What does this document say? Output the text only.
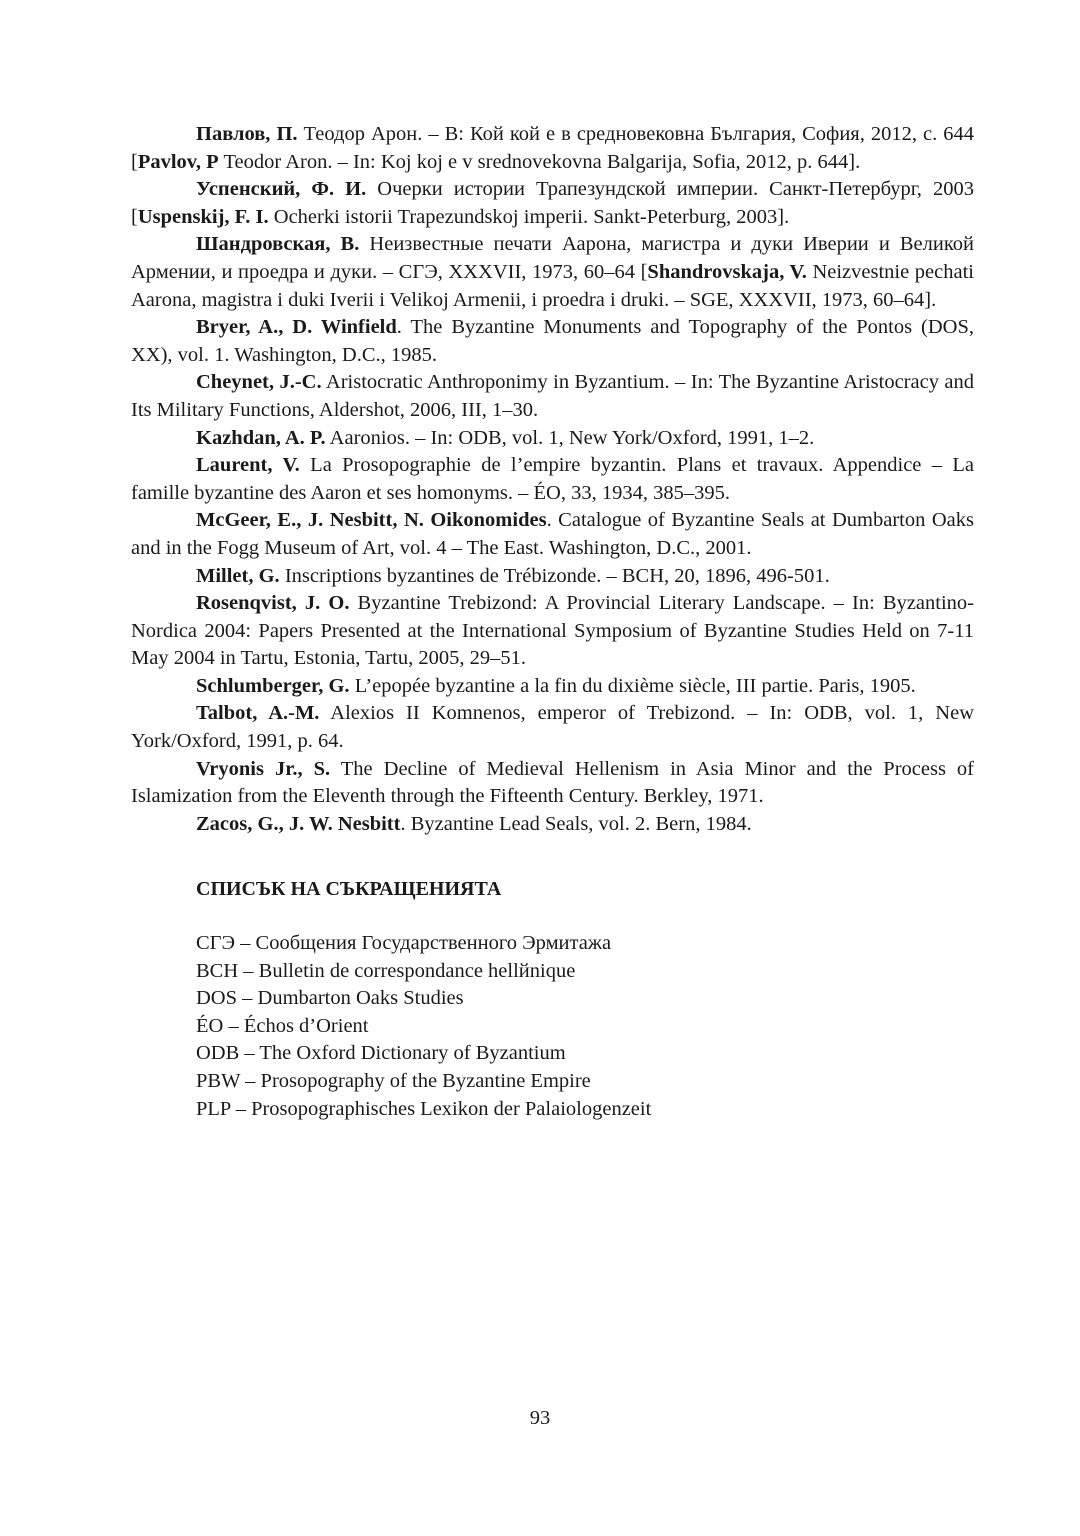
Павлов, П. Теодор Арон. – В: Кой кой е в средновековна България, София, 2012, с. 644 [Pavlov, P Teodor Aron. – In: Koj koj e v srednovekovna Balgarija, Sofia, 2012, p. 644].

Успенский, Ф. И. Очерки истории Трапезундской империи. Санкт-Петербург, 2003 [Uspenskij, F. I. Ocherki istorii Trapezundskoj imperii. Sankt-Peterburg, 2003].

Шандровская, В. Неизвестные печати Аарона, магистра и дуки Иверии и Великой Армении, и проедра и дуки. – СГЭ, XXXVII, 1973, 60–64 [Shandrovskaja, V. Neizvestnie pechati Aarona, magistra i duki Iverii i Velikoj Armenii, i proedra i druki. – SGE, XXXVII, 1973, 60–64].

Bryer, A., D. Winfield. The Byzantine Monuments and Topography of the Pontos (DOS, XX), vol. 1. Washington, D.C., 1985.

Cheynet, J.-C. Aristocratic Anthroponimy in Byzantium. – In: The Byzantine Aristocracy and Its Military Functions, Aldershot, 2006, III, 1–30.

Kazhdan, A. P. Aaronios. – In: ODB, vol. 1, New York/Oxford, 1991, 1–2.

Laurent, V. La Prosopographie de l’empire byzantin. Plans et travaux. Appendice – La famille byzantine des Aaron et ses homonyms. – ÉO, 33, 1934, 385–395.

McGeer, E., J. Nesbitt, N. Oikonomides. Catalogue of Byzantine Seals at Dumbarton Oaks and in the Fogg Museum of Art, vol. 4 – The East. Washington, D.C., 2001.

Millet, G. Inscriptions byzantines de Trébizonde. – BCH, 20, 1896, 496-501.

Rosenqvist, J. O. Byzantine Trebizond: A Provincial Literary Landscape. – In: Byzantino-Nordica 2004: Papers Presented at the International Symposium of Byzantine Studies Held on 7-11 May 2004 in Tartu, Estonia, Tartu, 2005, 29–51.

Schlumberger, G. L’epopée byzantine a la fin du dixième siècle, III partie. Paris, 1905.

Talbot, A.-M. Alexios II Komnenos, emperor of Trebizond. – In: ODB, vol. 1, New York/Oxford, 1991, p. 64.

Vryonis Jr., S. The Decline of Medieval Hellenism in Asia Minor and the Process of Islamization from the Eleventh through the Fifteenth Century. Berkley, 1971.

Zacos, G., J. W. Nesbitt. Byzantine Lead Seals, vol. 2. Bern, 1984.

СПИСЪК НА СЪКРАЩЕНИЯТА
СГЭ – Сообщения Государственного Эрмитажа
BCH – Bulletin de correspondance hellйnique
DOS – Dumbarton Oaks Studies
ÉO – Échos d’Orient
ODB – The Oxford Dictionary of Byzantium
PBW – Prosopography of the Byzantine Empire
PLP – Prosopographisches Lexikon der Palaiologenzeit
93
